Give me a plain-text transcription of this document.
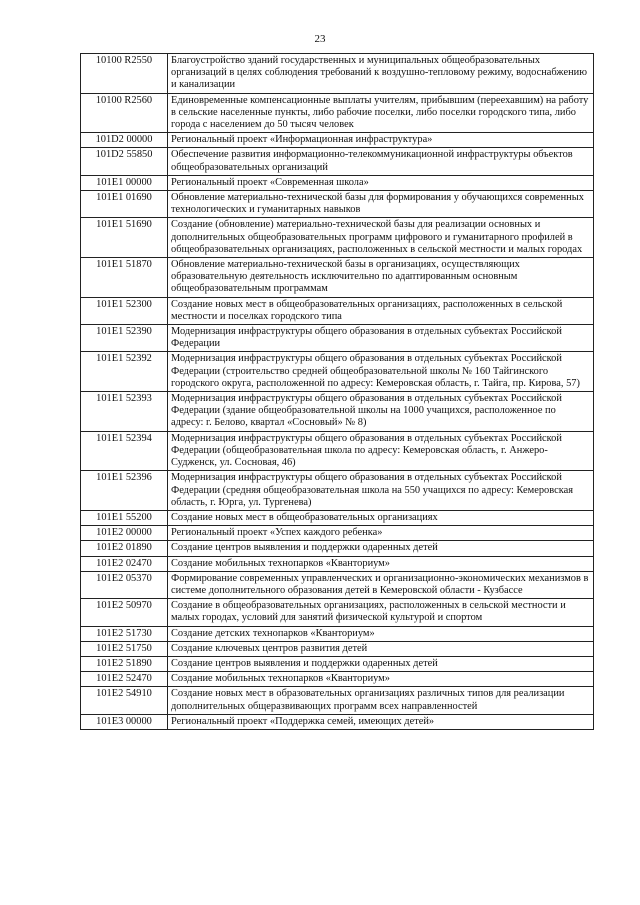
23
10100 R2550	Благоустройство зданий государственных и муниципальных общеобразовательных организаций в целях соблюдения требований к воздушно-тепловому режиму, водоснабжению и канализации
10100 R2560	Единовременные компенсационные выплаты учителям, прибывшим (переехавшим) на работу в сельские населенные пункты, либо рабочие поселки, либо поселки городского типа, либо города с населением до 50 тысяч человек
101D2 00000	Региональный проект «Информационная инфраструктура»
101D2 55850	Обеспечение развития информационно-телекоммуникационной инфраструктуры объектов общеобразовательных организаций
101E1 00000	Региональный проект «Современная школа»
101E1 01690	Обновление материально-технической базы для формирования у обучающихся современных технологических и гуманитарных навыков
101E1 51690	Создание (обновление) материально-технической базы для реализации основных и дополнительных общеобразовательных программ цифрового и гуманитарного профилей в общеобразовательных организациях, расположенных в сельской местности и малых городах
101E1 51870	Обновление материально-технической базы в организациях, осуществляющих образовательную деятельность исключительно по адаптированным основным общеобразовательным программам
101E1 52300	Создание новых мест в общеобразовательных организациях, расположенных в сельской местности и поселках городского типа
101E1 52390	Модернизация инфраструктуры общего образования в отдельных субъектах Российской Федерации
101E1 52392	Модернизация инфраструктуры общего образования в отдельных субъектах Российской Федерации (строительство средней общеобразовательной школы № 160 Тайгинского городского округа, расположенной по адресу: Кемеровская область, г. Тайга, пр. Кирова, 57)
101E1 52393	Модернизация инфраструктуры общего образования в отдельных субъектах Российской Федерации (здание общеобразовательной школы на 1000 учащихся, расположенное по адресу: г. Белово, квартал «Сосновый» № 8)
101E1 52394	Модернизация инфраструктуры общего образования в отдельных субъектах Российской Федерации (общеобразовательная школа по адресу: Кемеровская область, г. Анжеро-Судженск, ул. Сосновая, 46)
101E1 52396	Модернизация инфраструктуры общего образования в отдельных субъектах Российской Федерации (средняя общеобразовательная школа на 550 учащихся по адресу: Кемеровская область, г. Юрга, ул. Тургенева)
101E1 55200	Создание новых мест в общеобразовательных организациях
101E2 00000	Региональный проект «Успех каждого ребенка»
101E2 01890	Создание центров выявления и поддержки одаренных детей
101E2 02470	Создание мобильных технопарков «Кванториум»
101E2 05370	Формирование современных управленческих и организационно-экономических механизмов в системе дополнительного образования детей в Кемеровской области - Кузбассе
101E2 50970	Создание в общеобразовательных организациях, расположенных в сельской местности и малых городах, условий для занятий физической культурой и спортом
101E2 51730	Создание детских технопарков «Кванториум»
101E2 51750	Создание ключевых центров развития детей
101E2 51890	Создание центров выявления и поддержки одаренных детей
101E2 52470	Создание мобильных технопарков «Кванториум»
101E2 54910	Создание новых мест в образовательных организациях различных типов для реализации дополнительных общеразвивающих программ всех направленностей
101E3 00000	Региональный проект «Поддержка семей, имеющих детей»
